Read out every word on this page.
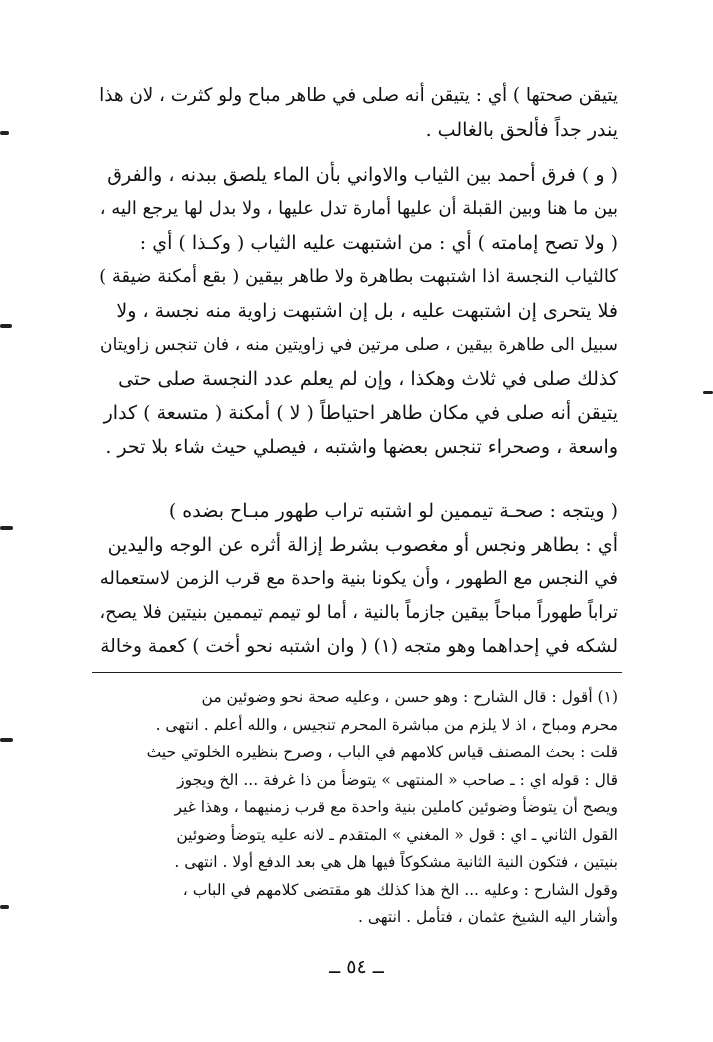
يتيقن صحتها ) أي : يتيقن أنه صلى في طاهر مباح ولو كثرت ، لان هذا
يندر جداً فألحق بالغالب .
( و ) فرق أحمد بين الثياب والاواني بأن الماء يلصق ببدنه ، والفرق
بين ما هنا وبين القبلة أن عليها أمارة تدل عليها ، ولا بدل لها يرجع اليه ،
( ولا تصح إمامته ) أي : من اشتبهت عليه الثياب ( وكـذا ) أي :
كالثياب النجسة اذا اشتبهت بطاهرة ولا طاهر بيقين ( بقع أمكنة ضيقة )
فلا يتحرى إن اشتبهت عليه ، بل إن اشتبهت زاوية منه نجسة ، ولا
سبيل الى طاهرة بيقين ، صلى مرتين في زاويتين منه ، فان تنجس زاويتان
كذلك صلى في ثلاث وهكذا ، وإن لم يعلم عدد النجسة صلى حتى
يتيقن أنه صلى في مكان طاهر احتياطاً ( لا ) أمكنة ( متسعة ) كدار
واسعة ، وصحراء تنجس بعضها واشتبه ، فيصلي حيث شاء بلا تحر .
( ويتجه : صحـة تيممين لو اشتبه تراب طهور مبـاح بضده )
أي : بطاهر ونجس أو مغصوب بشرط إزالة أثره عن الوجه واليدين
في النجس مع الطهور ، وأن يكونا بنية واحدة مع قرب الزمن لاستعماله
تراباً طهوراً مباحاً بيقين جازماً بالنية ، أما لو تيمم تيممين بنيتين فلا يصح،
لشكه في إحداهما وهو متجه (١) ( وان اشتبه نحو أخت ) كعمة وخالة
(١) أقول : قال الشارح : وهو حسن ، وعليه صحة نحو وضوئين من
محرم ومباح ، اذ لا يلزم من مباشرة المحرم تنجيس ، والله أعلم . انتهى .
قلت : بحث المصنف قياس كلامهم في الباب ، وصرح بنظيره الخلوتي حيث
قال : قوله اي : ـ صاحب « المنتهى » يتوضأ من ذا غرفة ... الخ ويجوز
ويصح أن يتوضأ وضوئين كاملين بنية واحدة مع قرب زمنيهما ، وهذا غير
القول الثاني ـ اي : قول « المغني » المتقدم ـ لانه عليه يتوضأ وضوئين
بنيتين ، فتكون النية الثانية مشكوكاً فيها هل هي بعد الدفع أولا . انتهى .
وقول الشارح : وعليه ... الخ هذا كذلك هو مقتضى كلامهم في الباب ،
وأشار اليه الشيخ عثمان ، فتأمل . انتهى .
ــ ٥٤ ــ
